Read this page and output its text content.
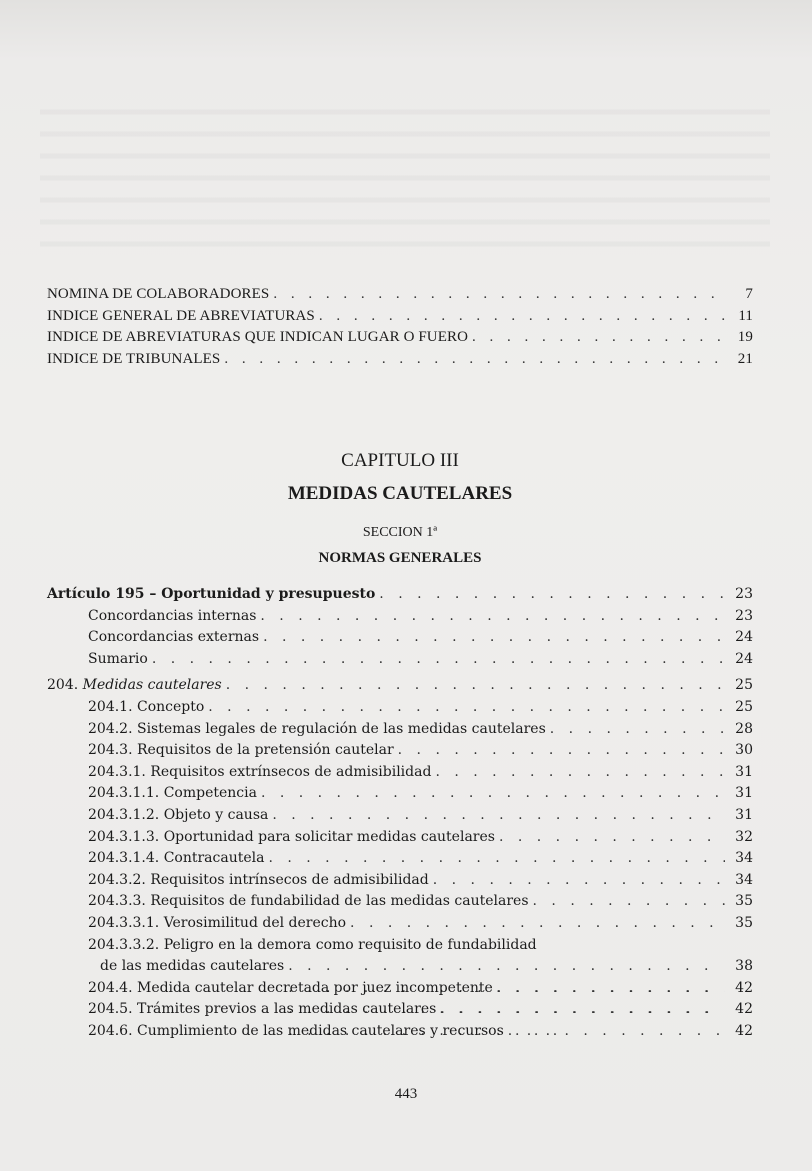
NOMINA DE COLABORADORES . . .	7
INDICE GENERAL DE ABREVIATURAS . . .	11
INDICE DE ABREVIATURAS QUE INDICAN LUGAR O FUERO . . .	19
INDICE DE TRIBUNALES . . .	21
CAPITULO III
MEDIDAS CAUTELARES
SECCION 1ª
NORMAS GENERALES
Artículo 195 – Oportunidad y presupuesto . . .	23
Concordancias internas . . .	23
Concordancias externas . . .	24
Sumario . . .	24
204. Medidas cautelares . . .	25
204.1. Concepto . . .	25
204.2. Sistemas legales de regulación de las medidas cautelares . . .	28
204.3. Requisitos de la pretensión cautelar . . .	30
204.3.1. Requisitos extrínsecos de admisibilidad . . .	31
204.3.1.1. Competencia . . .	31
204.3.1.2. Objeto y causa . . .	31
204.3.1.3. Oportunidad para solicitar medidas cautelares . . .	32
204.3.1.4. Contracautela . . .	34
204.3.2. Requisitos intrínsecos de admisibilidad . . .	34
204.3.3. Requisitos de fundabilidad de las medidas cautelares . . .	35
204.3.3.1. Verosimilitud del derecho . . .	35
204.3.3.2. Peligro en la demora como requisito de fundabilidad
de las medidas cautelares . . .	38
204.4. Medida cautelar decretada por juez incompetente . . .	42
204.5. Trámites previos a las medidas cautelares . . .	42
204.6. Cumplimiento de las medidas cautelares y recursos . . .	42
443
